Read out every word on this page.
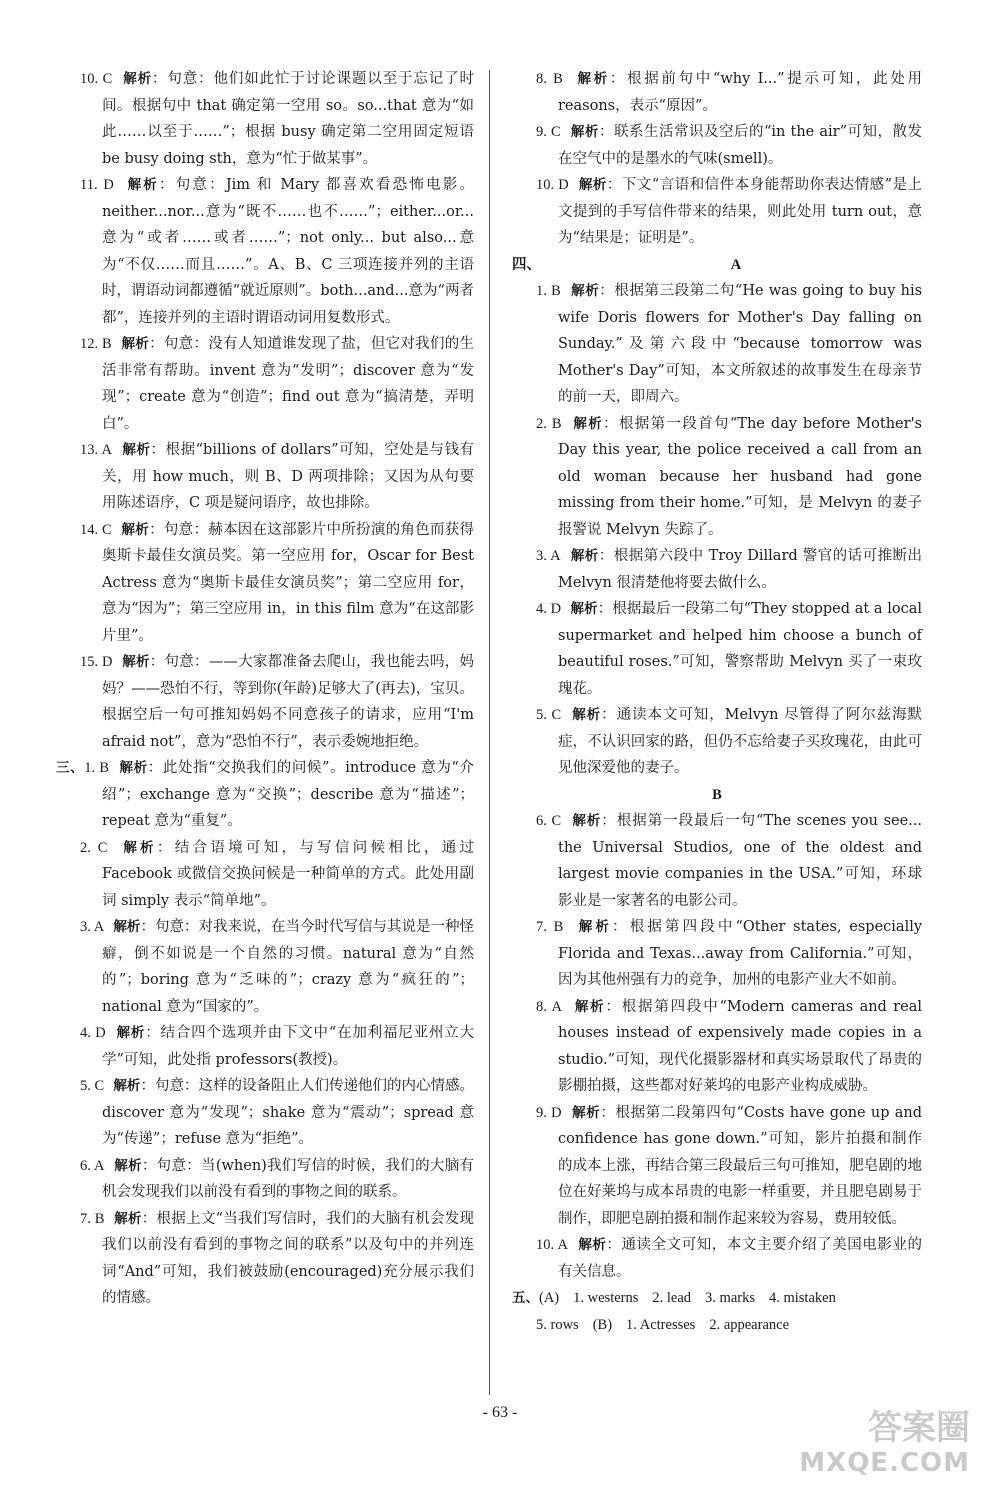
10. C 解析：句意：他们如此忙于讨论课题以至于忘记了时间。根据句中 that 确定第一空用 so。so...that 意为“如此……以至于……”；根据 busy 确定第二空用固定短语 be busy doing sth，意为“忙于做某事”。
11. D 解析：句意：Jim 和 Mary 都喜欢看恐怖电影。neither...nor...意为“既不……也不……”；either...or...意为“或者……或者……”；not only... but also...意为“不仅……而且……”。A、B、C 三项连接并列的主语时，谓语动词都遵循“就近原则”。both...and...意为“两者都”，连接并列的主语时谓语动词用复数形式。
12. B 解析：句意：没有人知道谁发现了盐，但它对我们的生活非常有帮助。invent 意为“发明”；discover 意为“发现”；create 意为“创造”；find out 意为“搞清楚，弄明白”。
13. A 解析：根据“billions of dollars”可知，空处是与钱有关，用 how much，则 B、D 两项排除；又因为从句要用陈述语序，C 项是疑问语序，故也排除。
14. C 解析：句意：赫本因在这部影片中所扮演的角色而获得奥斯卡最佳女演员奖。第一空应用 for，Oscar for Best Actress 意为“奥斯卡最佳女演员奖”；第二空应用 for，意为“因为”；第三空应用 in，in this film 意为“在这部影片里”。
15. D 解析：句意：——大家都准备去爬山，我也能去吗，妈妈？——恐怕不行，等到你(年龄)足够大了(再去)，宝贝。根据空后一句可推知妈妈不同意孩子的请求，应用“I'm afraid not”，意为“恐怕不行”，表示委婉地拒绝。
三、1. B 解析：此处指“交换我们的问候”。introduce 意为“介绍”；exchange 意为“交换”；describe 意为“描述”；repeat 意为“重复”。
2. C 解析：结合语境可知，与写信问候相比，通过 Facebook 或微信交换问候是一种简单的方式。此处用副词 simply 表示“简单地”。
3. A 解析：句意：对我来说，在当今时代写信与其说是一种怪癖，倒不如说是一个自然的习惯。natural 意为“自然的”；boring 意为“乏味的”；crazy 意为“疯狂的”；national 意为“国家的”。
4. D 解析：结合四个选项并由下文中“在加利福尼亚州立大学”可知，此处指 professors(教授)。
5. C 解析：句意：这样的设备阻止人们传递他们的内心情感。discover 意为“发现”；shake 意为“震动”；spread 意为“传递”；refuse 意为“拒绝”。
6. A 解析：句意：当(when)我们写信的时候，我们的大脑有机会发现我们以前没有看到的事物之间的联系。
7. B 解析：根据上文“当我们写信时，我们的大脑有机会发现我们以前没有看到的事物之间的联系”以及句中的并列连词“And”可知，我们被鼓励(encouraged)充分展示我们的情感。
8. B 解析：根据前句中“why I...”提示可知，此处用 reasons，表示“原因”。
9. C 解析：联系生活常识及空后的“in the air”可知，散发在空气中的是墨水的气味(smell)。
10. D 解析：下文“言语和信件本身能帮助你表达情感”是上文提到的手写信件带来的结果，则此处用 turn out，意为“结果是；证明是”。
四、	A
1. B 解析：根据第三段第二句“He was going to buy his wife Doris flowers for Mother's Day falling on Sunday.”及第六段中“because tomorrow was Mother's Day”可知，本文所叙述的故事发生在母亲节的前一天，即周六。
2. B 解析：根据第一段首句“The day before Mother's Day this year, the police received a call from an old woman because her husband had gone missing from their home.”可知，是 Melvyn 的妻子报警说 Melvyn 失踪了。
3. A 解析：根据第六段中 Troy Dillard 警官的话可推断出 Melvyn 很清楚他将要去做什么。
4. D 解析：根据最后一段第二句“They stopped at a local supermarket and helped him choose a bunch of beautiful roses.”可知，警察帮助 Melvyn 买了一束玫瑰花。
5. C 解析：通读本文可知，Melvyn 尽管得了阿尔兹海默症，不认识回家的路，但仍不忘给妻子买玫瑰花，由此可见他深爱他的妻子。
B
6. C 解析：根据第一段最后一句“The scenes you see... the Universal Studios, one of the oldest and largest movie companies in the USA.”可知，环球影业是一家著名的电影公司。
7. B 解析：根据第四段中“Other states, especially Florida and Texas...away from California.”可知，因为其他州强有力的竞争，加州的电影产业大不如前。
8. A 解析：根据第四段中“Modern cameras and real houses instead of expensively made copies in a studio.”可知，现代化摄影器材和真实场景取代了昂贵的影棚拍摄，这些都对好莱坞的电影产业构成威胁。
9. D 解析：根据第二段第四句“Costs have gone up and confidence has gone down.”可知，影片拍摄和制作的成本上涨，再结合第三段最后三句可推知，肥皂剧的地位在好莱坞与成本昂贵的电影一样重要，并且肥皂剧易于制作，即肥皂剧拍摄和制作起来较为容易，费用较低。
10. A 解析：通读全文可知，本文主要介绍了美国电影业的有关信息。
五、(A) 1. westerns 2. lead 3. marks 4. mistaken
5. rows (B) 1. Actresses 2. appearance
- 63 -	答案圈
MXQE.COM
